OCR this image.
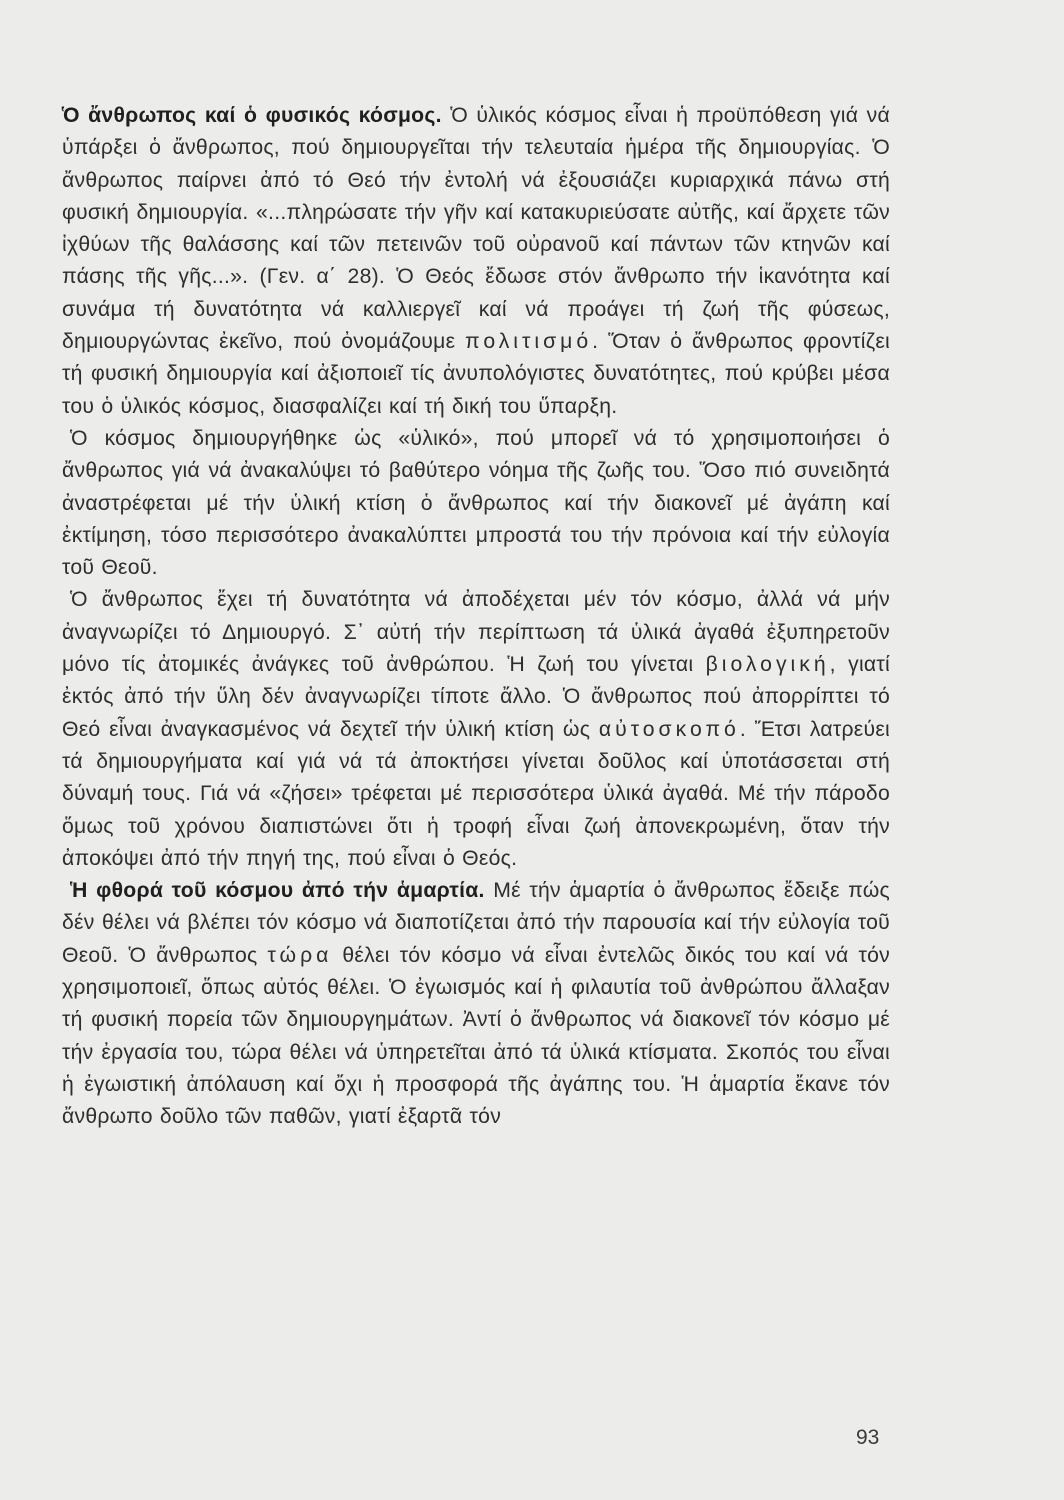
Ὁ ἄνθρωπος καί ὁ φυσικός κόσμος. Ὁ ὑλικός κόσμος εἶναι ἡ προϋπόθεση γιά νά ὑπάρξει ὁ ἄνθρωπος, πού δημιουργεῖται τήν τελευταία ἡμέρα τῆς δημιουργίας. Ὁ ἄνθρωπος παίρνει ἀπό τό Θεό τήν ἐντολή νά ἐξουσιάζει κυριαρχικά πάνω στή φυσική δημιουργία. «...πληρώσατε τήν γῆν καί κατακυριεύσατε αὐτῆς, καί ἄρχετε τῶν ἰχθύων τῆς θαλάσσης καί τῶν πετεινῶν τοῦ οὐρανοῦ καί πάντων τῶν κτηνῶν καί πάσης τῆς γῆς...». (Γεν. α΄ 28). Ὁ Θεός ἔδωσε στόν ἄνθρωπο τήν ἱκανότητα καί συνάμα τή δυνατότητα νά καλλιεργεῖ καί νά προάγει τή ζωή τῆς φύσεως, δημιουργώντας ἐκεῖνο, πού ὀνομάζουμε πολιτισμό. Ὅταν ὁ ἄνθρωπος φροντίζει τή φυσική δημιουργία καί ἀξιοποιεῖ τίς ἀνυπολόγιστες δυνατότητες, πού κρύβει μέσα του ὁ ὑλικός κόσμος, διασφαλίζει καί τή δική του ὕπαρξη.

Ὁ κόσμος δημιουργήθηκε ὡς «ὑλικό», πού μπορεῖ νά τό χρησιμοποιήσει ὁ ἄνθρωπος γιά νά ἀνακαλύψει τό βαθύτερο νόημα τῆς ζωῆς του. Ὅσο πιό συνειδητά ἀναστρέφεται μέ τήν ὑλική κτίση ὁ ἄνθρωπος καί τήν διακονεῖ μέ ἀγάπη καί ἐκτίμηση, τόσο περισσότερο ἀνακαλύπτει μπροστά του τήν πρόνοια καί τήν εὐλογία τοῦ Θεοῦ.

Ὁ ἄνθρωπος ἔχει τή δυνατότητα νά ἀποδέχεται μέν τόν κόσμο, ἀλλά νά μήν ἀναγνωρίζει τό Δημιουργό. Σ᾽ αὐτή τήν περίπτωση τά ὑλικά ἀγαθά ἐξυπηρετοῦν μόνο τίς ἀτομικές ἀνάγκες τοῦ ἀνθρώπου. Ἡ ζωή του γίνεται βιολογική, γιατί ἐκτός ἀπό τήν ὕλη δέν ἀναγνωρίζει τίποτε ἄλλο. Ὁ ἄνθρωπος πού ἀπορρίπτει τό Θεό εἶναι ἀναγκασμένος νά δεχτεῖ τήν ὑλική κτίση ὡς αὐτοσκοπό. Ἔτσι λατρεύει τά δημιουργήματα καί γιά νά τά ἀποκτήσει γίνεται δοῦλος καί ὑποτάσσεται στή δύναμή τους. Γιά νά «ζήσει» τρέφεται μέ περισσότερα ὑλικά ἀγαθά. Μέ τήν πάροδο ὅμως τοῦ χρόνου διαπιστώνει ὅτι ἡ τροφή εἶναι ζωή ἀπονεκρωμένη, ὅταν τήν ἀποκόψει ἀπό τήν πηγή της, πού εἶναι ὁ Θεός.

Ἡ φθορά τοῦ κόσμου ἀπό τήν ἁμαρτία. Μέ τήν ἁμαρτία ὁ ἄνθρωπος ἔδειξε πώς δέν θέλει νά βλέπει τόν κόσμο νά διαποτίζεται ἀπό τήν παρουσία καί τήν εὐλογία τοῦ Θεοῦ. Ὁ ἄνθρωπος τώρα θέλει τόν κόσμο νά εἶναι ἐντελῶς δικός του καί νά τόν χρησιμοποιεῖ, ὅπως αὐτός θέλει. Ὁ ἐγωισμός καί ἡ φιλαυτία τοῦ ἀνθρώπου ἄλλαξαν τή φυσική πορεία τῶν δημιουργημάτων. Ἀντί ὁ ἄνθρωπος νά διακονεῖ τόν κόσμο μέ τήν ἐργασία του, τώρα θέλει νά ὑπηρετεῖται ἀπό τά ὑλικά κτίσματα. Σκοπός του εἶναι ἡ ἐγωιστική ἀπόλαυση καί ὄχι ἡ προσφορά τῆς ἀγάπης του. Ἡ ἁμαρτία ἔκανε τόν ἄνθρωπο δοῦλο τῶν παθῶν, γιατί ἐξαρτᾶ τόν

93
